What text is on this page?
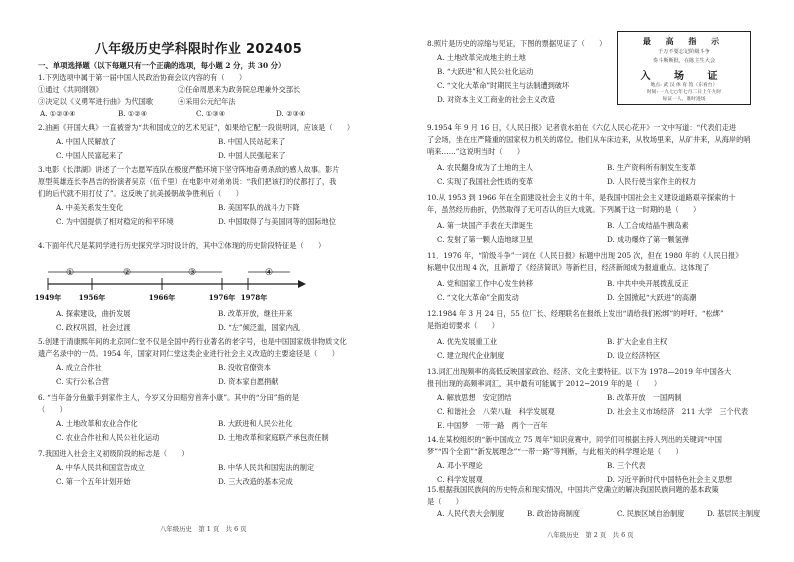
八年级历史学科限时作业 202405
一、单项选择题（以下每题只有一个正确的选项，每小题 2 分，共 30 分）
1.下列选项中属于第一届中国人民政治协商会议内容的有（　　）
①通过《共同纲领》	②任命周恩来为政务院总理兼外交部长
③决定以《义勇军进行曲》为代国歌	④采用公元纪年法
A. ①②③④	B. ①②④	C. ①③④	D. ②③④
2.油画《开国大典》一直被誉为“共和国成立的艺术见证”，如果给它配一段说明词，应该是（　　）
A. 中国人民解放了	B. 中国人民站起来了
C. 中国人民富起来了	D. 中国人民强起来了
3.电影《长津湖》讲述了一个志愿军连队在极度严酷环境下坚守阵地奋勇杀敌的感人故事。影片
原型英雄连长李昌吉的扮演者吴京（伍千里）在电影中对弟弟说：“我们把该打的仗都打了，我
们的后代就不用打仗了”。这反映了抗美援朝战争胜利后（　　）
A. 中美关系发生变化	B. 美国军队的战斗力下降
C. 为中国提供了相对稳定的和平环境	D. 中国取得了与美国同等的国际地位
4.下面年代尺是某同学进行历史探究学习时设计的，其中②体现的历史阶段特征是（　　）
①	②	③	④
1949年	1956年	1966年	1976年 1978年
A. 探索建设，曲折发展	B. 改革开放，继往开来
C. 政权巩固，社会过渡	D. “左”倾泛滥，国家内乱
5.创建于清康熙年间的北京同仁堂不仅是全国中药行业著名的老字号，也是中国国家级非物质文化
遗产名录中的一员。1954 年，国家对同仁堂这类企业进行社会主义改造的主要途径是（　　）
A. 成立合作社	B. 没收官僚资本
C. 实行公私合营	D. 资本家自愿捐献
6. “当年备分鱼撤手到家作主人，今岁又分田赔穷首奔小康”。其中的“分田”指的是
（　　）
A. 土地改革和农业合作化	B. 大跃进和人民公社化
C. 农业合作社和人民公社化运动	D. 土地改革和家庭联产承包责任制
7.我国进入社会主义初级阶段的标志是（　　）
A. 中华人民共和国宣告成立	B. 中华人民共和国宪法的制定
C. 第一个五年计划开始	D. 三大改造的基本完成
八年级历史　第 1 页　共 6 页
8.照片是历史的凉缩与见证，下图的票据见证了（　　）
A. 土地改革完成地主的土地
B. “大跃进”和人民公社化运动
C. “文化大革命”时期民主与法制遭到破坏
D. 对资本主义工商业的社会主义改造
9.1954 年 9 月 16 日，《人民日报》记者袁水拍在《六亿人民心花开》一文中写道：“代表们走进
了会场，坐在庄严隆重的国家权力机关的席位。他们从车床边来，从牧场里来，从矿井来，从海岸的哨
哨来……”这说明当时（　　）
A. 农民翻身成为了土地的主人	B. 生产资料所有制发生变革
C. 实现了我国社会性质的变革	D. 人民行使当家作主的权力
10.从 1953 到 1966 年在全面建设社会主义的十年，是我国中国社会主义建设道路艰辛探索的十
年，虽然经历曲折，仍然取得了无可否认的巨大成就。下列属于这一时期的是（　　）
A. 第一块国产手表在天津诞生	B. 人工合成结晶牛胰岛素
C. 发射了第一颗人造地球卫星	D. 成功爆炸了第一颗氢弹
11．1976 年，“阶级斗争”一词在《人民日报》标题中出现 205 次，但在 1980 年的《人民日报》
标题中仅出现 4 次，且新增了《经济简讯》等新栏目，经济新闻成为报道重点。这体现了
A. 党和国家工作中心发生转移	B. 中共中央开展拨乱反正
C. “文化大革命”全面发动	D. 全国掀起“大跃进”的高潮
12.1984 年 3 月 24 日，55 位厂长、经理联名在报纸上发出“请给我们松绑”的呼吁。“松绑”
是指迫切要求（　　）
A. 优先发展重工业	B. 扩大企业自主权
C. 建立现代企业制度	D. 设立经济特区
13.词汇出现频率的高低反映国家政治、经济、文化主要特征。以下为 1978—2019 年中国各大
报刊出现的高频率词汇，其中最有可能属于 2012~2019 年的是（　　）
A. 解放思想　安定团结	B. 改革开放　一国两制
C. 和谐社会　八荣八耻　科学发展观	D. 社会主义市场经济　211 大学　三个代表
E. 中国梦　一带一路　两个一百年
14.在某校组织的“新中国成立 75 周年”知识竞赛中，同学们可根据主持人列出的关键词“中国
梦”“四个全面”“新发展理念”“一带一路”等判断，与此相关的科学理论是（　　）
A. 邓小平理论	B. 三个代表
C. 科学发展观	D. 习近平新时代中国特色社会主义思想
15.根据我国民族间的历史特点和现实情况，中国共产党确立的解决我国民族问题的基本政策
是（　　）
A. 人民代表大会制度	B. 政治协商制度	C. 民族区域自治制度	D. 基层民主制度
八年级历史　第 2 页　共 6 页
最 高 指 示
千万不要忘记阶级斗争
奏斗斯斯批，在陈主生大会
入 场 证
地点: 武 汉 体 育 馆（东看台）
时间: 一九七○年七月二日上午九时
每证一人，准时进场
